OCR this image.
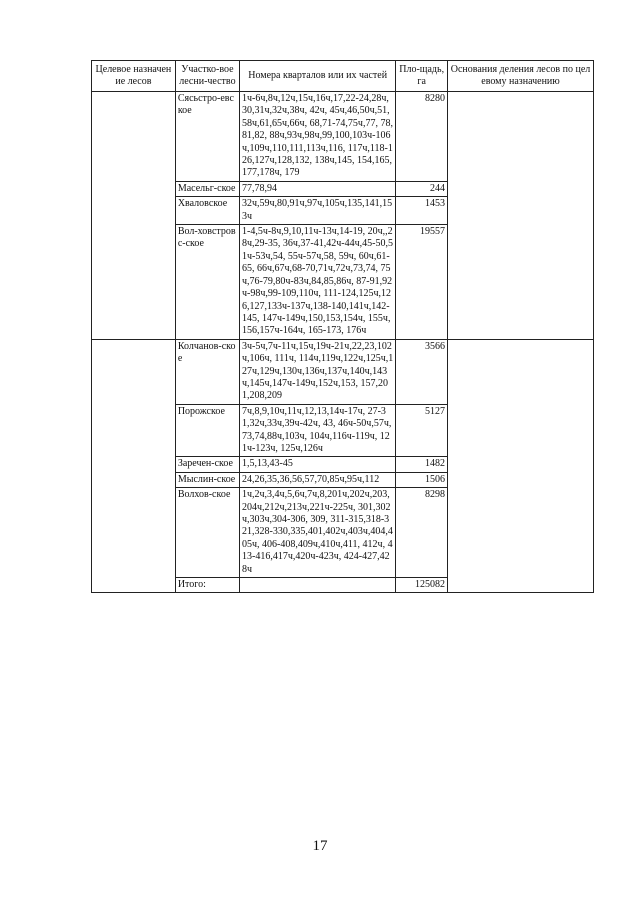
Целевое назначение лесов	Участко-вое лесни-чество	Номера кварталов или их частей	Пло-щадь, га	Основания деления лесов по целевому назначению
	Сясьстро-евское	1ч-6ч,8ч,12ч,15ч,16ч,17,22-24,28ч,30,31ч,32ч,38ч, 42ч, 45ч,46,50ч,51,58ч,61,65ч,66ч, 68,71-74,75ч,77, 78,81,82, 88ч,93ч,98ч,99,100,103ч-106ч,109ч,110,111,113ч,116, 117ч,118-126,127ч,128,132, 138ч,145, 154,165,177,178ч, 179	8280	
	Масельг-ское	77,78,94	244	
	Хваловское	32ч,59ч,80,91ч,97ч,105ч,135,141,153ч	1453	
	Вол-ховстровс-ское	1-4,5ч-8ч,9,10,11ч-13ч,14-19, 20ч,,28ч,29-35, 36ч,37-41,42ч-44ч,45-50,51ч-53ч,54, 55ч-57ч,58, 59ч, 60ч,61-65, 66ч,67ч,68-70,71ч,72ч,73,74, 75ч,76-79,80ч-83ч,84,85,86ч, 87-91,92ч-98ч,99-109,110ч, 111-124,125ч,126,127,133ч-137ч,138-140,141ч,142-145, 147ч-149ч,150,153,154ч, 155ч,156,157ч-164ч, 165-173, 176ч	19557	
	Колчанов-ское	3ч-5ч,7ч-11ч,15ч,19ч-21ч,22,23,102ч,106ч, 111ч, 114ч,119ч,122ч,125ч,127ч,129ч,130ч,136ч,137ч,140ч,143ч,145ч,147ч-149ч,152ч,153, 157,201,208,209	3566	
	Порожское	7ч,8,9,10ч,11ч,12,13,14ч-17ч, 27-31,32ч,33ч,39ч-42ч, 43, 46ч-50ч,57ч,73,74,88ч,103ч, 104ч,116ч-119ч, 121ч-123ч, 125ч,126ч	5127	
	Заречен-ское	1,5,13,43-45	1482	
	Мыслин-ское	24,26,35,36,56,57,70,85ч,95ч,112	1506	
	Волхов-ское	1ч,2ч,3,4ч,5,6ч,7ч,8,201ч,202ч,203, 204ч,212ч,213ч,221ч-225ч, 301,302ч,303ч,304-306, 309, 311-315,318-321,328-330,335,401,402ч,403ч,404,405ч, 406-408,409ч,410ч,411, 412ч, 413-416,417ч,420ч-423ч, 424-427,428ч	8298	
	Итого:		125082	
17
